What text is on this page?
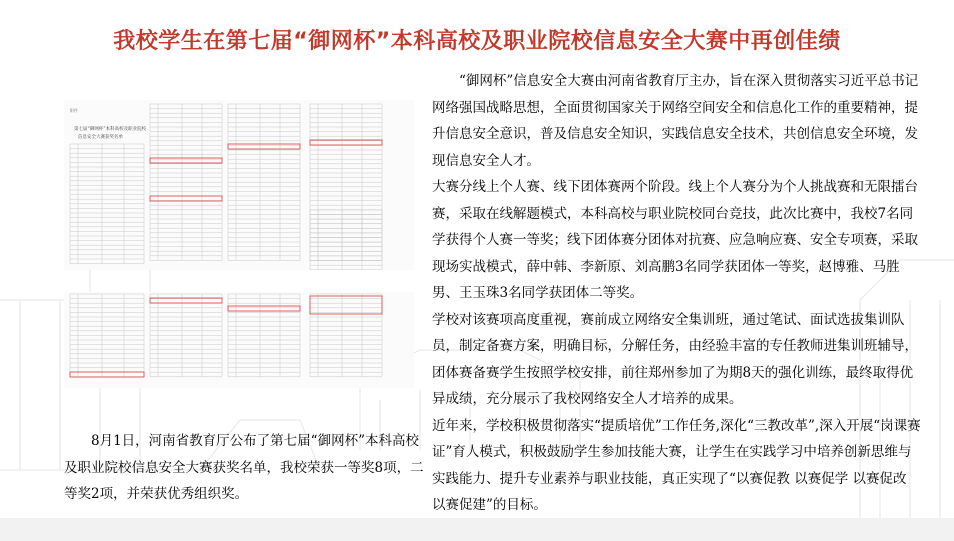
我校学生在第七届“御网杯”本科高校及职业院校信息安全大赛中再创佳绩
附件
第七届“御网杯”本科高校及职业院校
信息安全大赛获奖名单

8月1日，河南省教育厅公布了第七届“御网杯”本科高校及职业院校信息安全大赛获奖名单，我校荣获一等奖8项，二等奖2项，并荣获优秀组织奖。

“御网杯”信息安全大赛由河南省教育厅主办，旨在深入贯彻落实习近平总书记网络强国战略思想，全面贯彻国家关于网络空间安全和信息化工作的重要精神，提升信息安全意识，普及信息安全知识，实践信息安全技术，共创信息安全环境，发现信息安全人才。

大赛分线上个人赛、线下团体赛两个阶段。线上个人赛分为个人挑战赛和无限擂台赛，采取在线解题模式，本科高校与职业院校同台竞技，此次比赛中，我校7名同学获得个人赛一等奖；线下团体赛分团体对抗赛、应急响应赛、安全专项赛，采取现场实战模式，薛中韩、李新原、刘高鹏3名同学获团体一等奖，赵博雅、马胜男、王玉珠3名同学获团体二等奖。

学校对该赛项高度重视，赛前成立网络安全集训班，通过笔试、面试选拔集训队员，制定备赛方案，明确目标，分解任务，由经验丰富的专任教师进集训班辅导，团体赛备赛学生按照学校安排，前往郑州参加了为期8天的强化训练，最终取得优异成绩，充分展示了我校网络安全人才培养的成果。

近年来，学校积极贯彻落实“提质培优”工作任务,深化“三教改革”,深入开展“岗课赛证”育人模式，积极鼓励学生参加技能大赛，让学生在实践学习中培养创新思维与实践能力、提升专业素养与职业技能，真正实现了“以赛促教 以赛促学 以赛促改 以赛促建”的目标。
